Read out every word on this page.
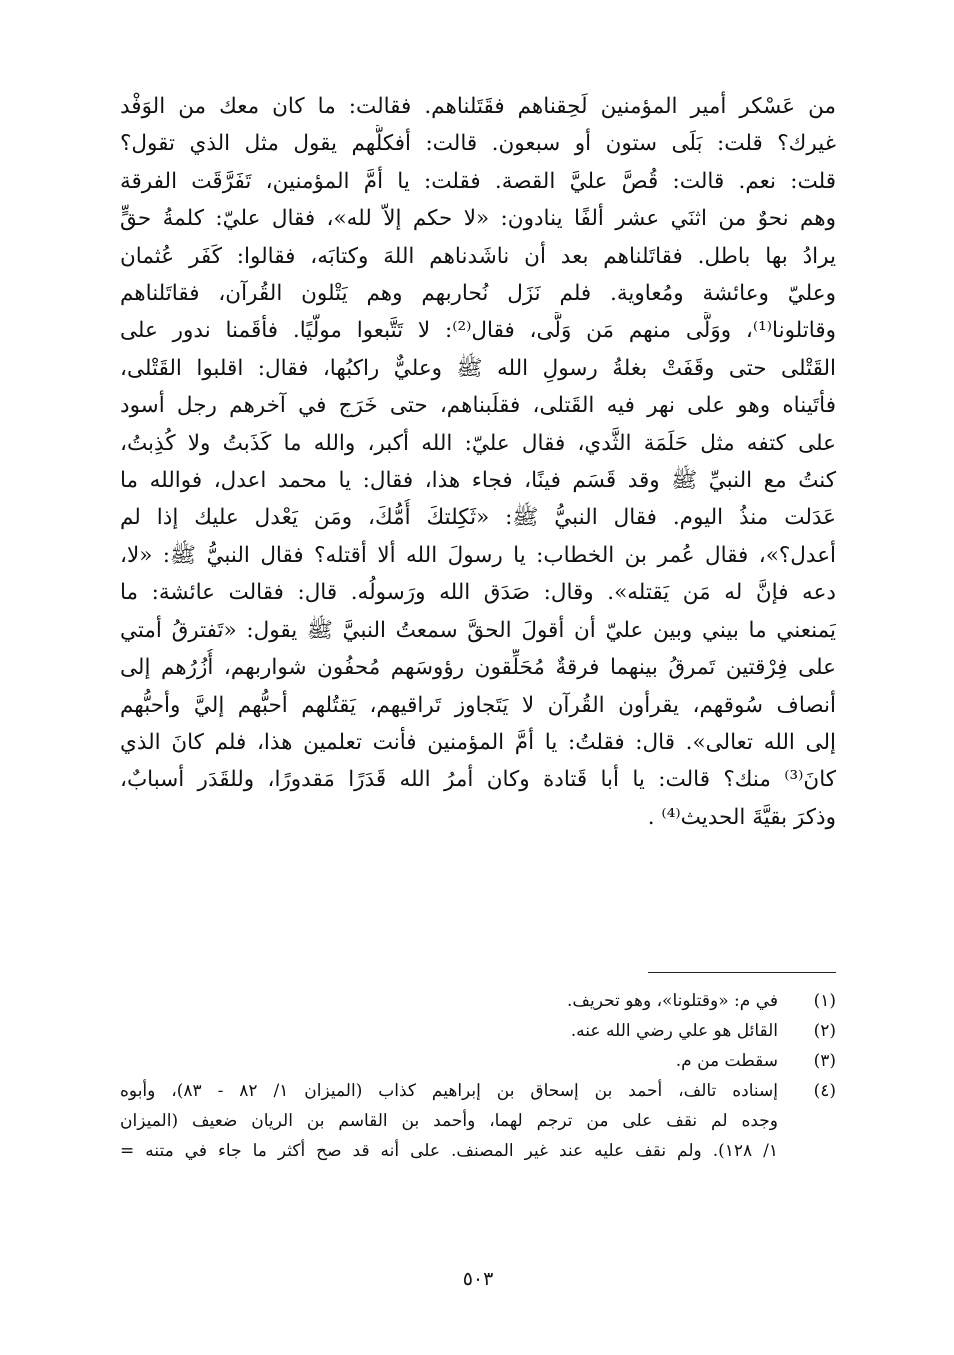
من عَسْكر أمير المؤمنين لَحِقناهم فقَتَلناهم. فقالت: ما كان معك من الوَفْد
غيرك؟ قلت: بَلَى ستون أو سبعون. قالت: أفكلُّهم يقول مثل الذي تقول؟
قلت: نعم. قالت: قُصَّ عليَّ القصة. فقلت: يا أمَّ المؤمنين، تَفَرَّقَت الفرقة
وهم نحوٌ من اثنَي عشر ألفًا ينادون: «لا حكم إلاّ لله»، فقال عليّ: كلمةُ حقٍّ
يرادُ بها باطل. فقاتَلناهم بعد أن ناشَدناهم اللهَ وكتابَه، فقالوا: كَفَر عُثمان
وعليّ وعائشة ومُعاوية. فلم نَزَل نُحاربهم وهم يَتْلون القُرآن، فقاتَلناهم
وقاتلونا⁽¹⁾، ووَلَّى منهم مَن وَلَّى، فقال⁽²⁾: لا تَتَّبعوا مولّيًا. فأقَمنا ندور على
القَتْلى حتى وقَفَتْ بغلةُ رسولِ الله ﷺ وعليٌّ راكبُها، فقال: اقلبوا القَتْلى،
فأتَيناه وهو على نهر فيه القَتلى، فقلَبناهم، حتى خَرَج في آخرهم رجل أسود
على كتفه مثل حَلَمَة الثَّدي، فقال عليّ: الله أكبر، والله ما كَذَبتُ ولا كُذِبتُ،
كنتُ مع النبيِّ ﷺ وقد قَسَم فينًا، فجاء هذا، فقال: يا محمد اعدل، فوالله ما
عَدَلت منذُ اليوم. فقال النبيُّ ﷺ: «ثَكِلتكَ أُمُّكَ، ومَن يَعْدل عليك إذا لم
أعدل؟»، فقال عُمر بن الخطاب: يا رسولَ الله ألا أقتله؟ فقال النبيُّ ﷺ: «لا،
دعه فإنَّ له مَن يَقتله». وقال: صَدَق الله ورَسولُه. قال: فقالت عائشة: ما
يَمنعني ما بيني وبين عليّ أن أقولَ الحقَّ سمعتُ النبيَّ ﷺ يقول: «تَفترقُ أمتي
على فِرْقتين تَمرقُ بينهما فرقةٌ مُحَلِّقون رؤوسَهم مُحفُون شواربهم، أُزُرُهم إلى
أنصاف سُوقهم، يقرأون القُرآن لا يَتَجاوز تَراقيهم، يَقتُلهم أحبُّهم إليَّ وأحبُّهم
إلى الله تعالى». قال: فقلتُ: يا أمَّ المؤمنين فأنت تعلمين هذا، فلم كانَ الذي
كانَ⁽³⁾ منك؟ قالت: يا أبا قَتادة وكان أمرُ الله قَدَرًا مَقدورًا، وللقَدَر أسبابٌ،
وذكرَ بقيَّةَ الحديث⁽⁴⁾ .
(١)
في م: «وقتلونا»، وهو تحريف.
(٢)
القائل هو علي رضي الله عنه.
(٣)
سقطت من م.
(٤)
إسناده تالف، أحمد بن إسحاق بن إبراهيم كذاب (الميزان ١/ ٨٢ - ٨٣)، وأبوه
وجده لم نقف على من ترجم لهما، وأحمد بن القاسم بن الريان ضعيف (الميزان
١/ ١٢٨). ولم نقف عليه عند غير المصنف. على أنه قد صح أكثر ما جاء في متنه =
٥٠٣
